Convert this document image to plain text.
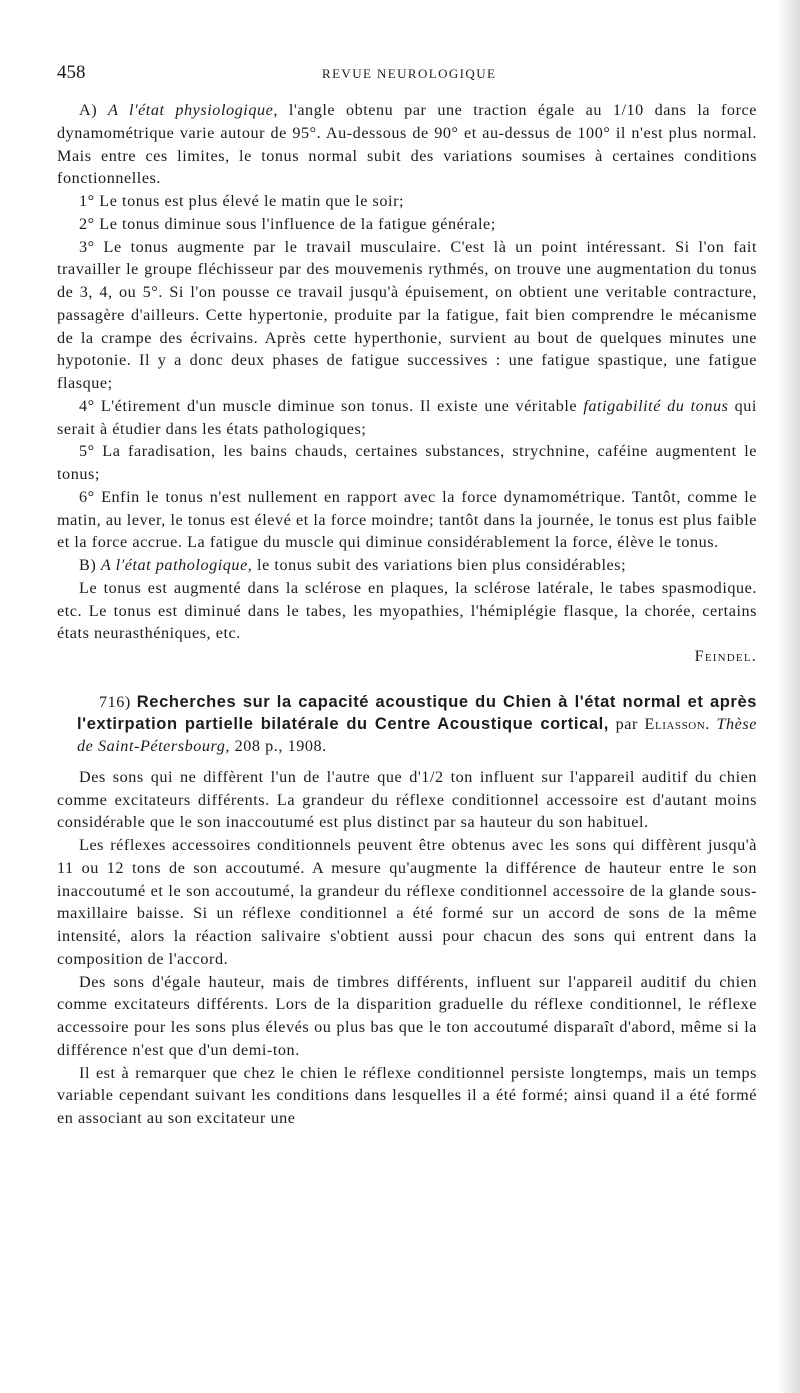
458	REVUE NEUROLOGIQUE

A) A l'état physiologique, l'angle obtenu par une traction égale au 1/10 dans la force dynamométrique varie autour de 95°. Au-dessous de 90° et au-dessus de 100° il n'est plus normal. Mais entre ces limites, le tonus normal subit des variations soumises à certaines conditions fonctionnelles.

1° Le tonus est plus élevé le matin que le soir;

2° Le tonus diminue sous l'influence de la fatigue générale;

3° Le tonus augmente par le travail musculaire. C'est là un point intéressant. Si l'on fait travailler le groupe fléchisseur par des mouvemenis rythmés, on trouve une augmentation du tonus de 3, 4, ou 5°. Si l'on pousse ce travail jusqu'à épuisement, on obtient une veritable contracture, passagère d'ailleurs. Cette hypertonie, produite par la fatigue, fait bien comprendre le mécanisme de la crampe des écrivains. Après cette hyperthonie, survient au bout de quelques minutes une hypotonie. Il y a donc deux phases de fatigue successives : une fatigue spastique, une fatigue flasque;

4° L'étirement d'un muscle diminue son tonus. Il existe une véritable fatigabilité du tonus qui serait à étudier dans les états pathologiques;

5° La faradisation, les bains chauds, certaines substances, strychnine, caféine augmentent le tonus;

6° Enfin le tonus n'est nullement en rapport avec la force dynamométrique. Tantôt, comme le matin, au lever, le tonus est élevé et la force moindre; tantôt dans la journée, le tonus est plus faible et la force accrue. La fatigue du muscle qui diminue considérablement la force, élève le tonus.

B) A l'état pathologique, le tonus subit des variations bien plus considérables;

Le tonus est augmenté dans la sclérose en plaques, la sclérose latérale, le tabes spasmodique. etc. Le tonus est diminué dans le tabes, les myopathies, l'hémiplégie flasque, la chorée, certains états neurasthéniques, etc.

Feindel.

716) Recherches sur la capacité acoustique du Chien à l'état normal et après l'extirpation partielle bilatérale du Centre Acoustique cortical, par Eliasson. Thèse de Saint-Pétersbourg, 208 p., 1908.

Des sons qui ne diffèrent l'un de l'autre que d'1/2 ton influent sur l'appareil auditif du chien comme excitateurs différents. La grandeur du réflexe conditionnel accessoire est d'autant moins considérable que le son inaccoutumé est plus distinct par sa hauteur du son habituel.

Les réflexes accessoires conditionnels peuvent être obtenus avec les sons qui diffèrent jusqu'à 11 ou 12 tons de son accoutumé. A mesure qu'augmente la différence de hauteur entre le son inaccoutumé et le son accoutumé, la grandeur du réflexe conditionnel accessoire de la glande sous-maxillaire baisse. Si un réflexe conditionnel a été formé sur un accord de sons de la même intensité, alors la réaction salivaire s'obtient aussi pour chacun des sons qui entrent dans la composition de l'accord.

Des sons d'égale hauteur, mais de timbres différents, influent sur l'appareil auditif du chien comme excitateurs différents. Lors de la disparition graduelle du réflexe conditionnel, le réflexe accessoire pour les sons plus élevés ou plus bas que le ton accoutumé disparaît d'abord, même si la différence n'est que d'un demi-ton.

Il est à remarquer que chez le chien le réflexe conditionnel persiste longtemps, mais un temps variable cependant suivant les conditions dans lesquelles il a été formé; ainsi quand il a été formé en associant au son excitateur une
